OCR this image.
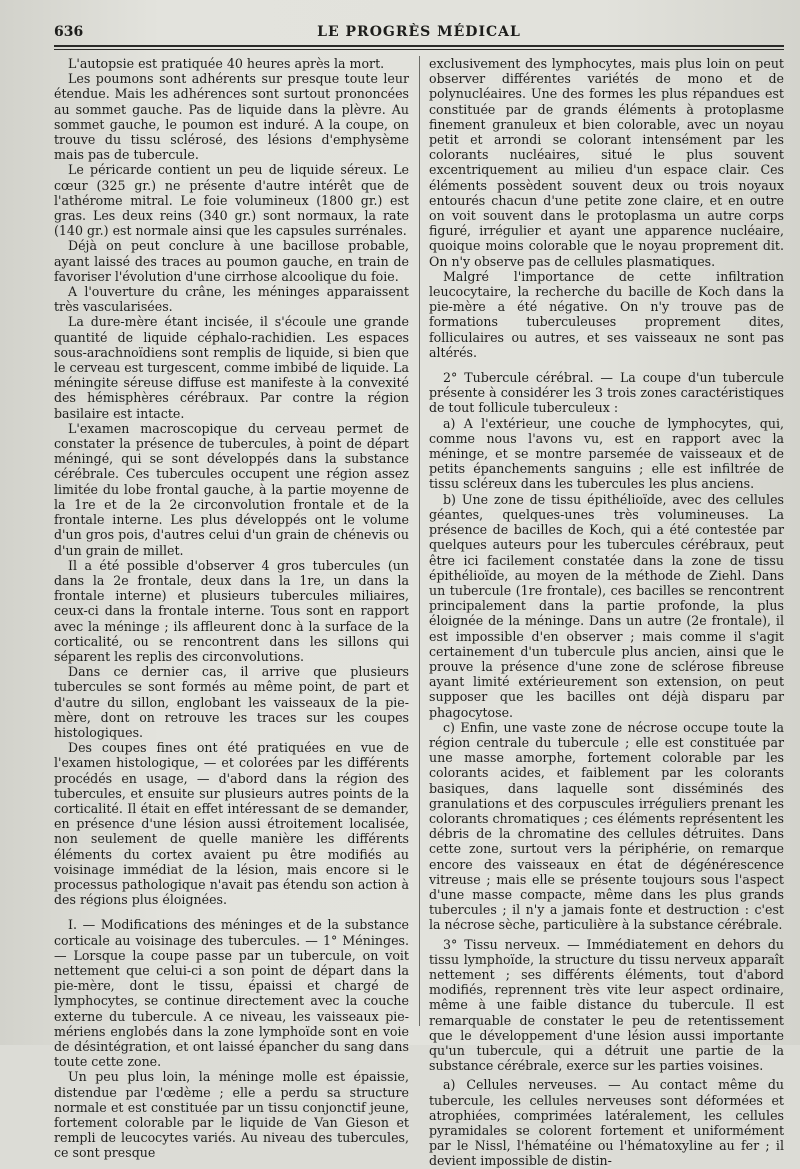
636	LE PROGRÈS MÉDICAL

L'autopsie est pratiquée 40 heures après la mort.

Les poumons sont adhérents sur presque toute leur étendue. Mais les adhérences sont surtout prononcées au sommet gauche. Pas de liquide dans la plèvre. Au sommet gauche, le poumon est induré. A la coupe, on trouve du tissu sclérosé, des lésions d'emphysème mais pas de tubercule.

Le péricarde contient un peu de liquide séreux. Le cœur (325 gr.) ne présente d'autre intérêt que de l'athérome mitral. Le foie volumineux (1800 gr.) est gras. Les deux reins (340 gr.) sont normaux, la rate (140 gr.) est normale ainsi que les capsules surrénales.

Déjà on peut conclure à une bacillose probable, ayant laissé des traces au poumon gauche, en train de favoriser l'évolution d'une cirrhose alcoolique du foie.

A l'ouverture du crâne, les méninges apparaissent très vascularisées.

La dure-mère étant incisée, il s'écoule une grande quantité de liquide céphalo-rachidien. Les espaces sous-arachnoïdiens sont remplis de liquide, si bien que le cerveau est turgescent, comme imbibé de liquide. La méningite séreuse diffuse est manifeste à la convexité des hémisphères cérébraux. Par contre la région basilaire est intacte.

L'examen macroscopique du cerveau permet de constater la présence de tubercules, à point de départ méningé, qui se sont développés dans la substance cérébrale. Ces tubercules occupent une région assez limitée du lobe frontal gauche, à la partie moyenne de la 1re et de la 2e circonvolution frontale et de la frontale interne. Les plus développés ont le volume d'un gros pois, d'autres celui d'un grain de chénevis ou d'un grain de millet.

Il a été possible d'observer 4 gros tubercules (un dans la 2e frontale, deux dans la 1re, un dans la frontale interne) et plusieurs tubercules miliaires, ceux-ci dans la frontale interne. Tous sont en rapport avec la méninge ; ils affleurent donc à la surface de la corticalité, ou se rencontrent dans les sillons qui séparent les replis des circonvolutions.

Dans ce dernier cas, il arrive que plusieurs tubercules se sont formés au même point, de part et d'autre du sillon, englobant les vaisseaux de la pie-mère, dont on retrouve les traces sur les coupes histologiques.

Des coupes fines ont été pratiquées en vue de l'examen histologique, — et colorées par les différents procédés en usage, — d'abord dans la région des tubercules, et ensuite sur plusieurs autres points de la corticalité. Il était en effet intéressant de se demander, en présence d'une lésion aussi étroitement localisée, non seulement de quelle manière les différents éléments du cortex avaient pu être modifiés au voisinage immédiat de la lésion, mais encore si le processus pathologique n'avait pas étendu son action à des régions plus éloignées.

I. — Modifications des méninges et de la substance corticale au voisinage des tubercules. — 1° Méninges. — Lorsque la coupe passe par un tubercule, on voit nettement que celui-ci a son point de départ dans la pie-mère, dont le tissu, épaissi et chargé de lymphocytes, se continue directement avec la couche externe du tubercule. A ce niveau, les vaisseaux pie-mériens englobés dans la zone lymphoïde sont en voie de désintégration, et ont laissé épancher du sang dans toute cette zone.

Un peu plus loin, la méninge molle est épaissie, distendue par l'œdème ; elle a perdu sa structure normale et est constituée par un tissu conjonctif jeune, fortement colorable par le liquide de Van Gieson et rempli de leucocytes variés. Au niveau des tubercules, ce sont presque

exclusivement des lymphocytes, mais plus loin on peut observer différentes variétés de mono et de polynucléaires. Une des formes les plus répandues est constituée par de grands éléments à protoplasme finement granuleux et bien colorable, avec un noyau petit et arrondi se colorant intensément par les colorants nucléaires, situé le plus souvent excentriquement au milieu d'un espace clair. Ces éléments possèdent souvent deux ou trois noyaux entourés chacun d'une petite zone claire, et en outre on voit souvent dans le protoplasma un autre corps figuré, irrégulier et ayant une apparence nucléaire, quoique moins colorable que le noyau proprement dit. On n'y observe pas de cellules plasmatiques.

Malgré l'importance de cette infiltration leucocytaire, la recherche du bacille de Koch dans la pie-mère a été négative. On n'y trouve pas de formations tuberculeuses proprement dites, folliculaires ou autres, et ses vaisseaux ne sont pas altérés.

2° Tubercule cérébral. — La coupe d'un tubercule présente à considérer les 3 trois zones caractéristiques de tout follicule tuberculeux :

a) A l'extérieur, une couche de lymphocytes, qui, comme nous l'avons vu, est en rapport avec la méninge, et se montre parsemée de vaisseaux et de petits épanchements sanguins ; elle est infiltrée de tissu scléreux dans les tubercules les plus anciens.

b) Une zone de tissu épithélioïde, avec des cellules géantes, quelques-unes très volumineuses. La présence de bacilles de Koch, qui a été contestée par quelques auteurs pour les tubercules cérébraux, peut être ici facilement constatée dans la zone de tissu épithélioïde, au moyen de la méthode de Ziehl. Dans un tubercule (1re frontale), ces bacilles se rencontrent principalement dans la partie profonde, la plus éloignée de la méninge. Dans un autre (2e frontale), il est impossible d'en observer ; mais comme il s'agit certainement d'un tubercule plus ancien, ainsi que le prouve la présence d'une zone de sclérose fibreuse ayant limité extérieurement son extension, on peut supposer que les bacilles ont déjà disparu par phagocytose.

c) Enfin, une vaste zone de nécrose occupe toute la région centrale du tubercule ; elle est constituée par une masse amorphe, fortement colorable par les colorants acides, et faiblement par les colorants basiques, dans laquelle sont disséminés des granulations et des corpuscules irréguliers prenant les colorants chromatiques ; ces éléments représentent les débris de la chromatine des cellules détruites. Dans cette zone, surtout vers la périphérie, on remarque encore des vaisseaux en état de dégénérescence vitreuse ; mais elle se présente toujours sous l'aspect d'une masse compacte, même dans les plus grands tubercules ; il n'y a jamais fonte et destruction : c'est la nécrose sèche, particulière à la substance cérébrale.

3° Tissu nerveux. — Immédiatement en dehors du tissu lymphoïde, la structure du tissu nerveux apparaît nettement ; ses différents éléments, tout d'abord modifiés, reprennent très vite leur aspect ordinaire, même à une faible distance du tubercule. Il est remarquable de constater le peu de retentissement que le développement d'une lésion aussi importante qu'un tubercule, qui a détruit une partie de la substance cérébrale, exerce sur les parties voisines.

a) Cellules nerveuses. — Au contact même du tubercule, les cellules nerveuses sont déformées et atrophiées, comprimées latéralement, les cellules pyramidales se colorent fortement et uniformément par le Nissl, l'hématéine ou l'hématoxyline au fer ; il devient impossible de distin-
